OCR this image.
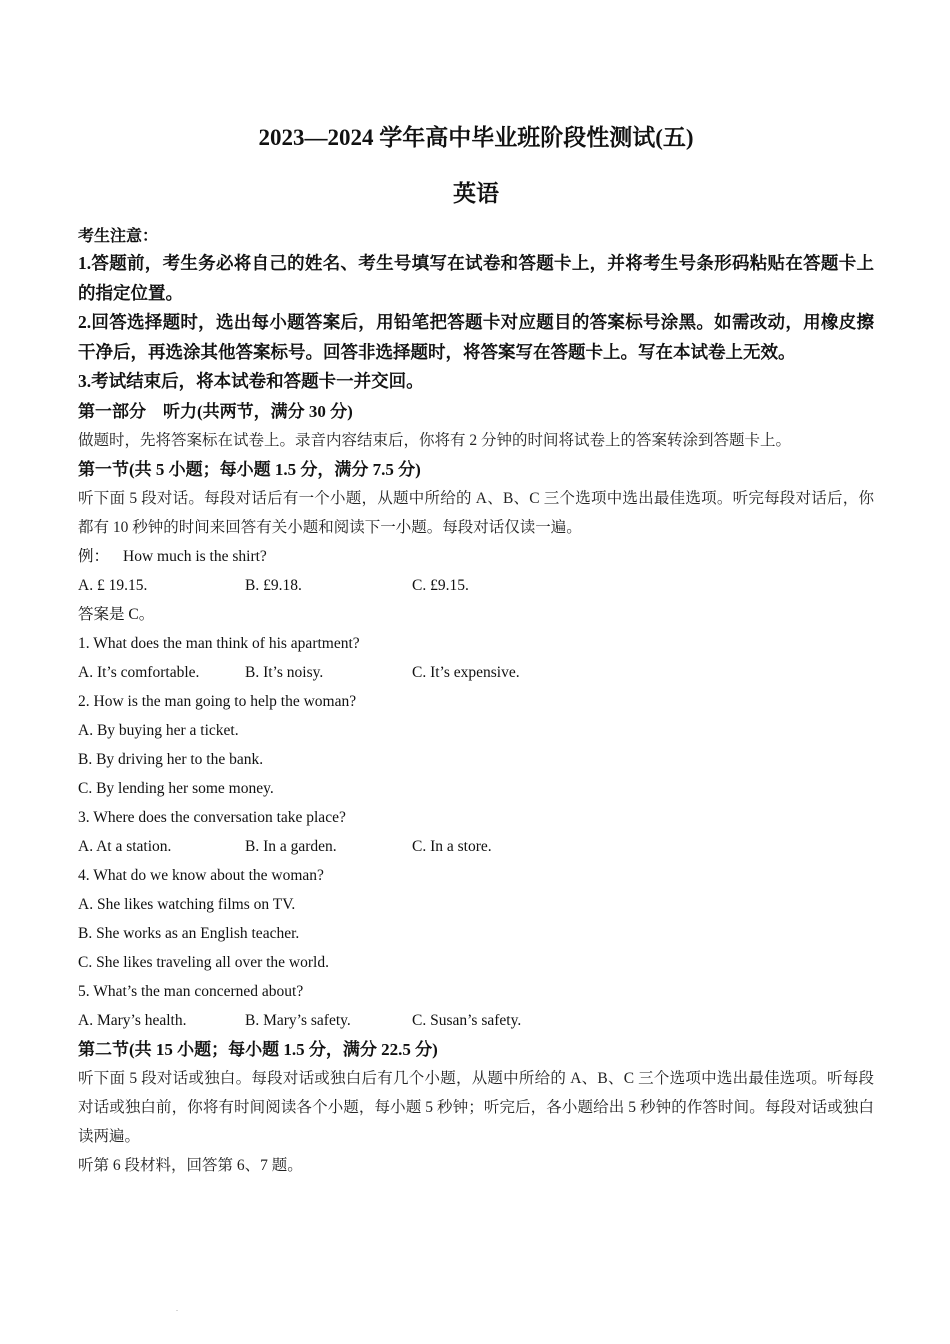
2023—2024 学年高中毕业班阶段性测试(五)
英语
考生注意：
1.答题前，考生务必将自己的姓名、考生号填写在试卷和答题卡上，并将考生号条形码粘贴在答题卡上的指定位置。
2.回答选择题时，选出每小题答案后，用铅笔把答题卡对应题目的答案标号涂黑。如需改动，用橡皮擦干净后，再选涂其他答案标号。回答非选择题时，将答案写在答题卡上。写在本试卷上无效。
3.考试结束后，将本试卷和答题卡一并交回。
第一部分　听力(共两节，满分 30 分)
做题时，先将答案标在试卷上。录音内容结束后，你将有 2 分钟的时间将试卷上的答案转涂到答题卡上。
第一节(共 5 小题；每小题 1.5 分，满分 7.5 分)
听下面 5 段对话。每段对话后有一个小题，从题中所给的 A、B、C 三个选项中选出最佳选项。听完每段对话后，你都有 10 秒钟的时间来回答有关小题和阅读下一小题。每段对话仅读一遍。
例： How much is the shirt?
A. £ 19.15.	B. £9.18.	C. £9.15.
答案是 C。
1. What does the man think of his apartment?
A. It’s comfortable.	B. It’s noisy.	C. It’s expensive.
2. How is the man going to help the woman?
A. By buying her a ticket.
B. By driving her to the bank.
C. By lending her some money.
3. Where does the conversation take place?
A. At a station.	B. In a garden.	C. In a store.
4. What do we know about the woman?
A. She likes watching films on TV.
B. She works as an English teacher.
C. She likes traveling all over the world.
5. What’s the man concerned about?
A. Mary’s health.	B. Mary’s safety.	C. Susan’s safety.
第二节(共 15 小题；每小题 1.5 分，满分 22.5 分)
听下面 5 段对话或独白。每段对话或独白后有几个小题，从题中所给的 A、B、C 三个选项中选出最佳选项。听每段对话或独白前，你将有时间阅读各个小题，每小题 5 秒钟；听完后，各小题给出 5 秒钟的作答时间。每段对话或独白读两遍。
听第 6 段材料，回答第 6、7 题。
.
